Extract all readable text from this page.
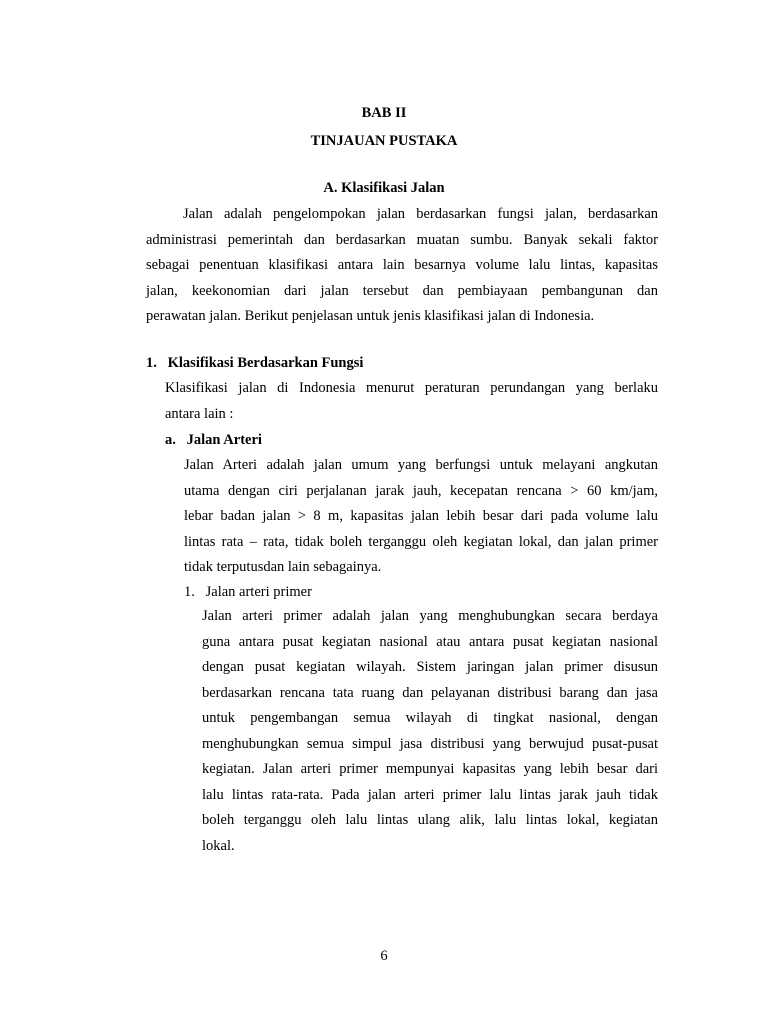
BAB II
TINJAUAN PUSTAKA
A. Klasifikasi Jalan
Jalan adalah pengelompokan jalan berdasarkan fungsi jalan, berdasarkan
administrasi pemerintah dan berdasarkan muatan sumbu. Banyak sekali faktor
sebagai penentuan klasifikasi antara lain besarnya volume lalu lintas, kapasitas
jalan, keekonomian dari jalan tersebut dan pembiayaan pembangunan dan
perawatan jalan. Berikut penjelasan untuk jenis klasifikasi jalan di Indonesia.
1. Klasifikasi Berdasarkan Fungsi
Klasifikasi jalan di Indonesia menurut peraturan perundangan yang berlaku
antara lain :
a. Jalan Arteri
Jalan Arteri adalah jalan umum yang berfungsi untuk melayani angkutan
utama dengan ciri perjalanan jarak jauh, kecepatan rencana > 60 km/jam,
lebar badan jalan > 8 m, kapasitas jalan lebih besar dari pada volume lalu
lintas rata – rata, tidak boleh terganggu oleh kegiatan lokal, dan jalan primer
tidak terputusdan lain sebagainya.
1. Jalan arteri primer
Jalan arteri primer adalah jalan yang menghubungkan secara berdaya
guna antara pusat kegiatan nasional atau antara pusat kegiatan nasional
dengan pusat kegiatan wilayah. Sistem jaringan jalan primer disusun
berdasarkan rencana tata ruang dan pelayanan distribusi barang dan jasa
untuk pengembangan semua wilayah di tingkat nasional, dengan
menghubungkan semua simpul jasa distribusi yang berwujud pusat-pusat
kegiatan. Jalan arteri primer mempunyai kapasitas yang lebih besar dari
lalu lintas rata-rata. Pada jalan arteri primer lalu lintas jarak jauh tidak
boleh terganggu oleh lalu lintas ulang alik, lalu lintas lokal, kegiatan
lokal.
6
